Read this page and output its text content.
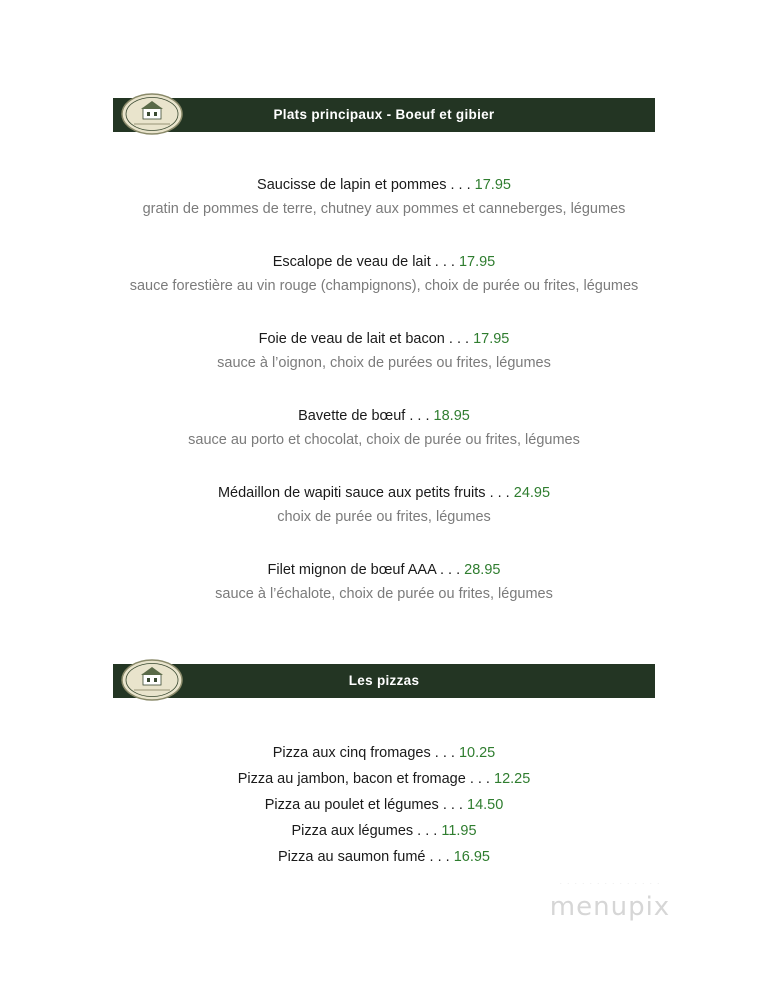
Plats principaux - Boeuf et gibier
Saucisse de lapin et pommes . . . 17.95
gratin de pommes de terre, chutney aux pommes et canneberges, légumes
Escalope de veau de lait . . . 17.95
sauce forestière au vin rouge (champignons), choix de purée ou frites, légumes
Foie de veau de lait et bacon . . . 17.95
sauce à l’oignon, choix de purées ou frites, légumes
Bavette de bœuf . . . 18.95
sauce au porto et chocolat, choix de purée ou frites, légumes
Médaillon de wapiti sauce aux petits fruits . . . 24.95
choix de purée ou frites, légumes
Filet mignon de bœuf AAA . . . 28.95
sauce à l’échalote, choix de purée ou frites, légumes
Les pizzas
Pizza aux cinq fromages . . . 10.25
Pizza au jambon, bacon et fromage . . . 12.25
Pizza au poulet et légumes . . . 14.50
Pizza aux légumes . . . 11.95
Pizza au saumon fumé . . . 16.95
· · · · · · · · · · · · · ·
menupix
